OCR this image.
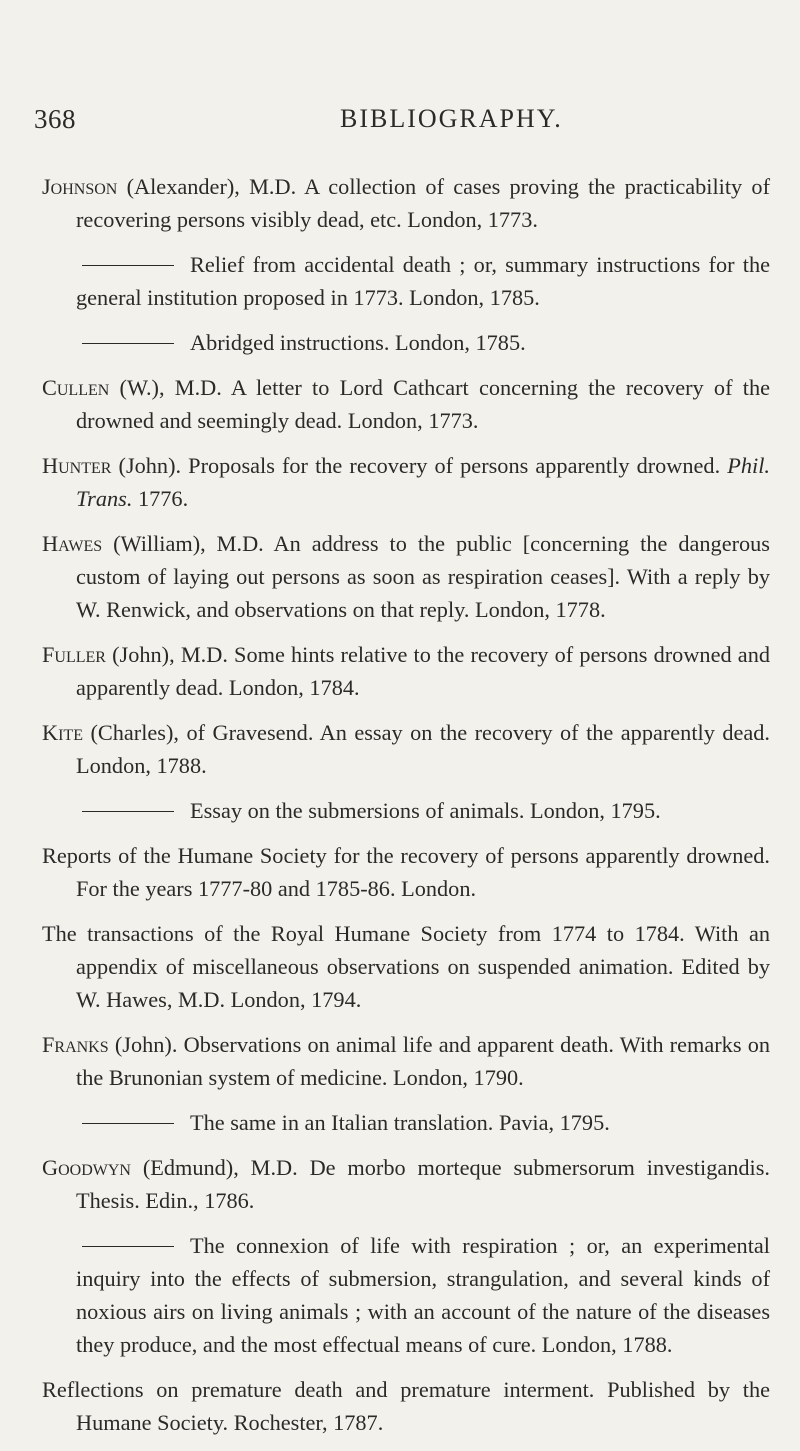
368	BIBLIOGRAPHY.

Johnson (Alexander), M.D. A collection of cases proving the practicability of recovering persons visibly dead, etc. London, 1773.

Relief from accidental death ; or, summary instructions for the general institution proposed in 1773. London, 1785.

Abridged instructions. London, 1785.

Cullen (W.), M.D. A letter to Lord Cathcart concerning the recovery of the drowned and seemingly dead. London, 1773.

Hunter (John). Proposals for the recovery of persons apparently drowned. Phil. Trans. 1776.

Hawes (William), M.D. An address to the public [concerning the dangerous custom of laying out persons as soon as respiration ceases]. With a reply by W. Renwick, and observations on that reply. London, 1778.

Fuller (John), M.D. Some hints relative to the recovery of persons drowned and apparently dead. London, 1784.

Kite (Charles), of Gravesend. An essay on the recovery of the apparently dead. London, 1788.

Essay on the submersions of animals. London, 1795.

Reports of the Humane Society for the recovery of persons apparently drowned. For the years 1777-80 and 1785-86. London.

The transactions of the Royal Humane Society from 1774 to 1784. With an appendix of miscellaneous observations on suspended animation. Edited by W. Hawes, M.D. London, 1794.

Franks (John). Observations on animal life and apparent death. With remarks on the Brunonian system of medicine. London, 1790.

The same in an Italian translation. Pavia, 1795.

Goodwyn (Edmund), M.D. De morbo morteque submersorum investigandis. Thesis. Edin., 1786.

The connexion of life with respiration ; or, an experimental inquiry into the effects of submersion, strangulation, and several kinds of noxious airs on living animals ; with an account of the nature of the diseases they produce, and the most effectual means of cure. London, 1788.

Reflections on premature death and premature interment. Published by the Humane Society. Rochester, 1787.
